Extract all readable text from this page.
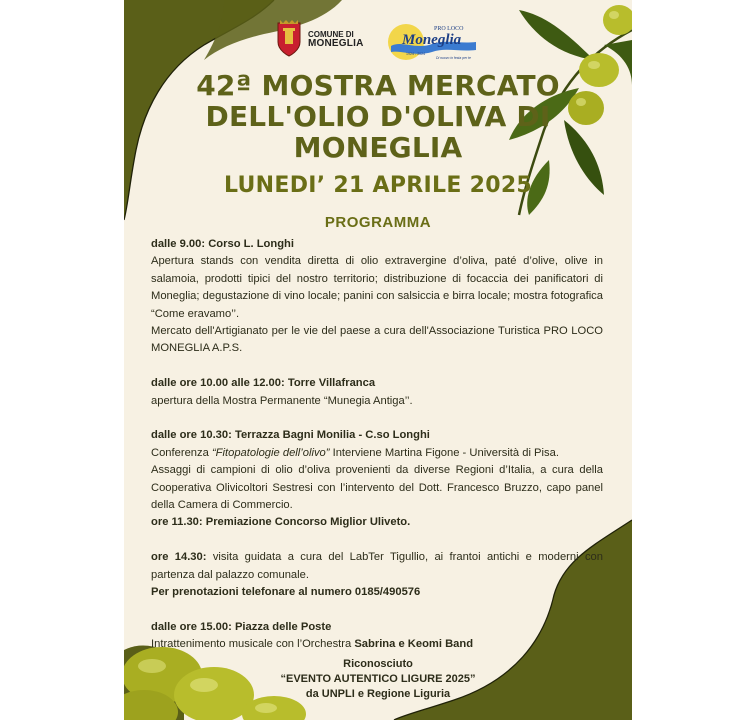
COMUNE DI
MONEGLIA
PRO LOCO
Moneglia
1924 - 2024
Di nuovo in festa per te
42ª MOSTRA MERCATO
DELL'OLIO D'OLIVA DI
MONEGLIA
LUNEDI’ 21 APRILE 2025
PROGRAMMA

dalle 9.00: Corso L. Longhi

Apertura stands con vendita diretta di olio extravergine d’oliva, paté d’olive, olive in salamoia, prodotti tipici del nostro territorio; distribuzione di focaccia dei panificatori di Moneglia; degustazione di vino locale; panini con salsiccia e birra locale; mostra fotografica “Come eravamo’’.

Mercato dell'Artigianato per le vie del paese a cura dell'Associazione Turistica PRO LOCO MONEGLIA A.P.S.

dalle ore 10.00 alle 12.00: Torre Villafranca

apertura della Mostra Permanente “Munegia Antiga’’.

dalle ore 10.30: Terrazza Bagni Monilia - C.so Longhi

Conferenza “Fitopatologie dell’olivo” Interviene Martina Figone - Università di Pisa.

Assaggi di campioni di olio d’oliva provenienti da diverse Regioni d’Italia, a cura della Cooperativa Olivicoltori Sestresi con l’intervento del Dott. Francesco Bruzzo, capo panel della Camera di Commercio.

ore 11.30: Premiazione Concorso Miglior Uliveto.

ore 14.30: visita guidata a cura del LabTer Tigullio, ai frantoi antichi e moderni con partenza dal palazzo comunale.

Per prenotazioni telefonare al numero 0185/490576

dalle ore 15.00: Piazza delle Poste

Intrattenimento musicale con l’Orchestra Sabrina e Keomi Band

Riconosciuto
“EVENTO AUTENTICO LIGURE 2025”
da UNPLI e Regione Liguria
